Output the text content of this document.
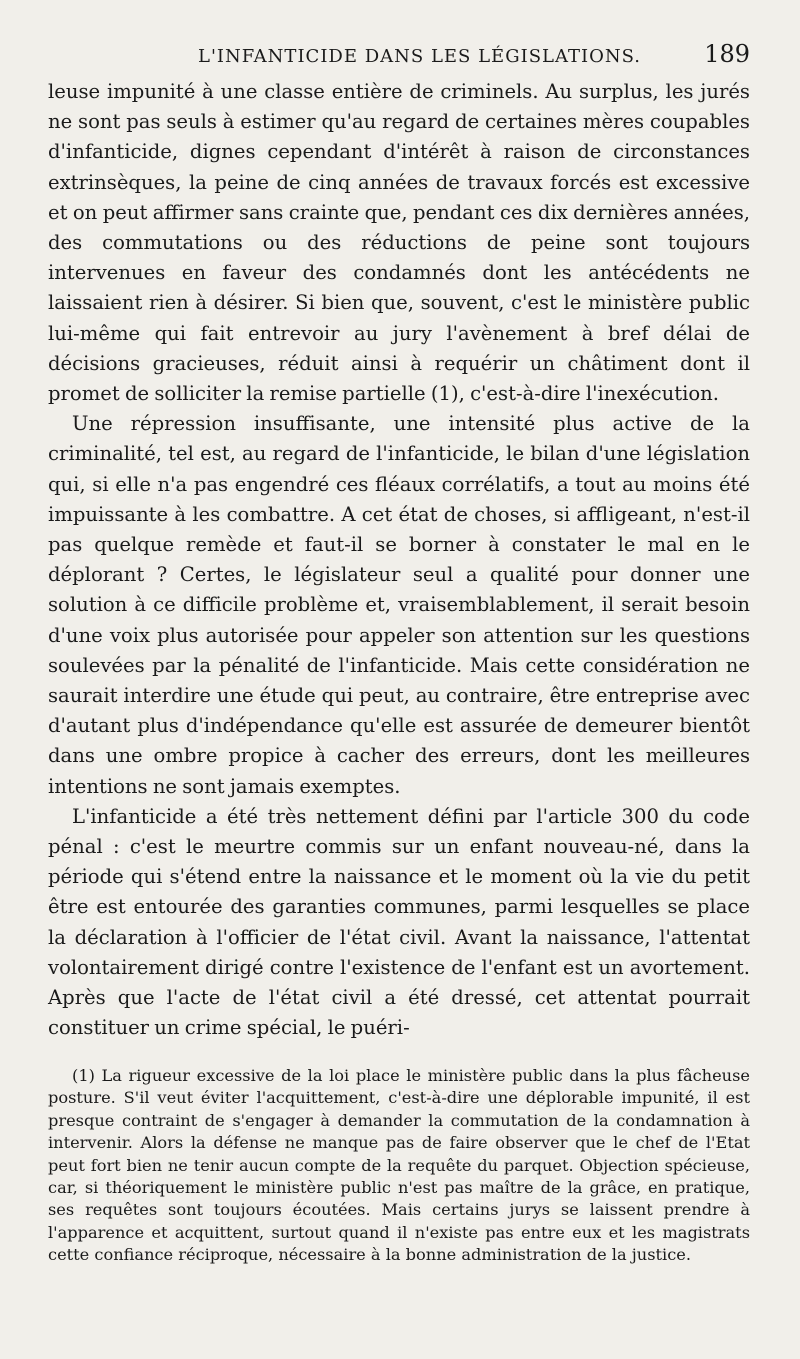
L'INFANTICIDE DANS LES LÉGISLATIONS.	189

leuse impunité à une classe entière de criminels. Au surplus, les jurés ne sont pas seuls à estimer qu'au regard de certaines mères coupables d'infanticide, dignes cependant d'intérêt à raison de circonstances extrinsèques, la peine de cinq années de travaux forcés est excessive et on peut affirmer sans crainte que, pendant ces dix dernières années, des commutations ou des réductions de peine sont toujours intervenues en faveur des condamnés dont les antécédents ne laissaient rien à désirer. Si bien que, souvent, c'est le ministère public lui-même qui fait entrevoir au jury l'avènement à bref délai de décisions gracieuses, réduit ainsi à requérir un châtiment dont il promet de solliciter la remise partielle (1), c'est-à-dire l'inexécution.

Une répression insuffisante, une intensité plus active de la criminalité, tel est, au regard de l'infanticide, le bilan d'une législation qui, si elle n'a pas engendré ces fléaux corrélatifs, a tout au moins été impuissante à les combattre. A cet état de choses, si affligeant, n'est-il pas quelque remède et faut-il se borner à constater le mal en le déplorant ? Certes, le législateur seul a qualité pour donner une solution à ce difficile problème et, vraisemblablement, il serait besoin d'une voix plus autorisée pour appeler son attention sur les questions soulevées par la pénalité de l'infanticide. Mais cette considération ne saurait interdire une étude qui peut, au contraire, être entreprise avec d'autant plus d'indépendance qu'elle est assurée de demeurer bientôt dans une ombre propice à cacher des erreurs, dont les meilleures intentions ne sont jamais exemptes.

L'infanticide a été très nettement défini par l'article 300 du code pénal : c'est le meurtre commis sur un enfant nouveau-né, dans la période qui s'étend entre la naissance et le moment où la vie du petit être est entourée des garanties communes, parmi lesquelles se place la déclaration à l'officier de l'état civil. Avant la naissance, l'attentat volontairement dirigé contre l'existence de l'enfant est un avortement. Après que l'acte de l'état civil a été dressé, cet attentat pourrait constituer un crime spécial, le puéri-

(1) La rigueur excessive de la loi place le ministère public dans la plus fâcheuse posture. S'il veut éviter l'acquittement, c'est-à-dire une déplorable impunité, il est presque contraint de s'engager à demander la commutation de la condamnation à intervenir. Alors la défense ne manque pas de faire observer que le chef de l'Etat peut fort bien ne tenir aucun compte de la requête du parquet. Objection spécieuse, car, si théoriquement le ministère public n'est pas maître de la grâce, en pratique, ses requêtes sont toujours écoutées. Mais certains jurys se laissent prendre à l'apparence et acquittent, surtout quand il n'existe pas entre eux et les magistrats cette confiance réciproque, nécessaire à la bonne administration de la justice.
